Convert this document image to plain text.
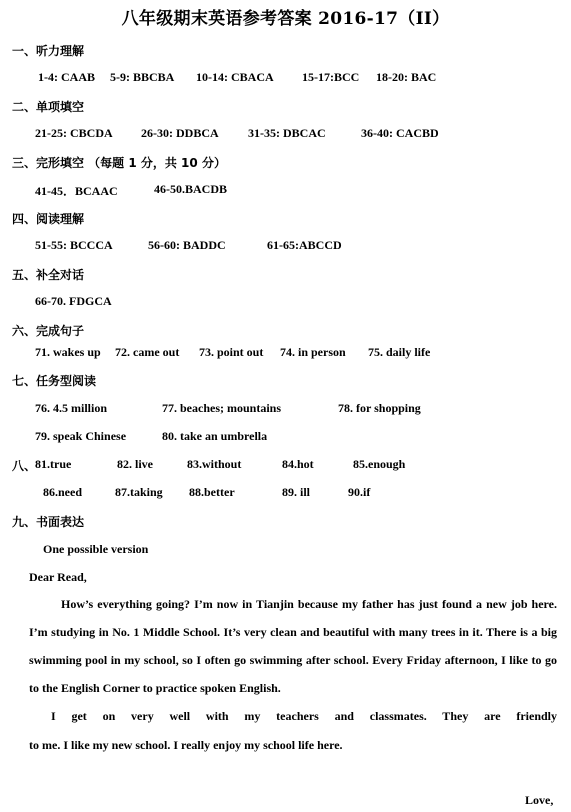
八年级期末英语参考答案 2016-17（II）
一、听力理解
1-4: CAAB 5-9: BBCBA 10-14: CBACA 15-17:BCC 18-20: BAC
二、单项填空
21-25: CBCDA 26-30: DDBCA 31-35: DBCAC	36-40: CACBD
三、完形填空 （每题 1 分，共 10 分）
41-45．BCAAC	46-50.BACDB
四、阅读理解
51-55: BCCCA	56-60: BADDC	61-65:ABCCD
五、补全对话
66-70. FDGCA
六、完成句子
71. wakes up 72. came out 73. point out 74. in person 75. daily life
七、任务型阅读
76. 4.5 million	77. beaches; mountains	78. for shopping
79. speak Chinese	80. take an umbrella
八、
81.true	82. live	83.without	84.hot	85.enough
86.need	87.taking 88.better	89. ill	90.if
九、书面表达
One possible version
Dear Read,
How’s everything going? I’m now in Tianjin because my father has just found a new job here. I’m studying in No. 1 Middle School. It’s very clean and beautiful with many trees in it. There is a big swimming pool in my school, so I often go swimming after school. Every Friday afternoon, I like to go to the English Corner to practice spoken English.
I get on very well with my teachers and classmates. They are friendly
to me. I like my new school. I really enjoy my school life here.
Love,
